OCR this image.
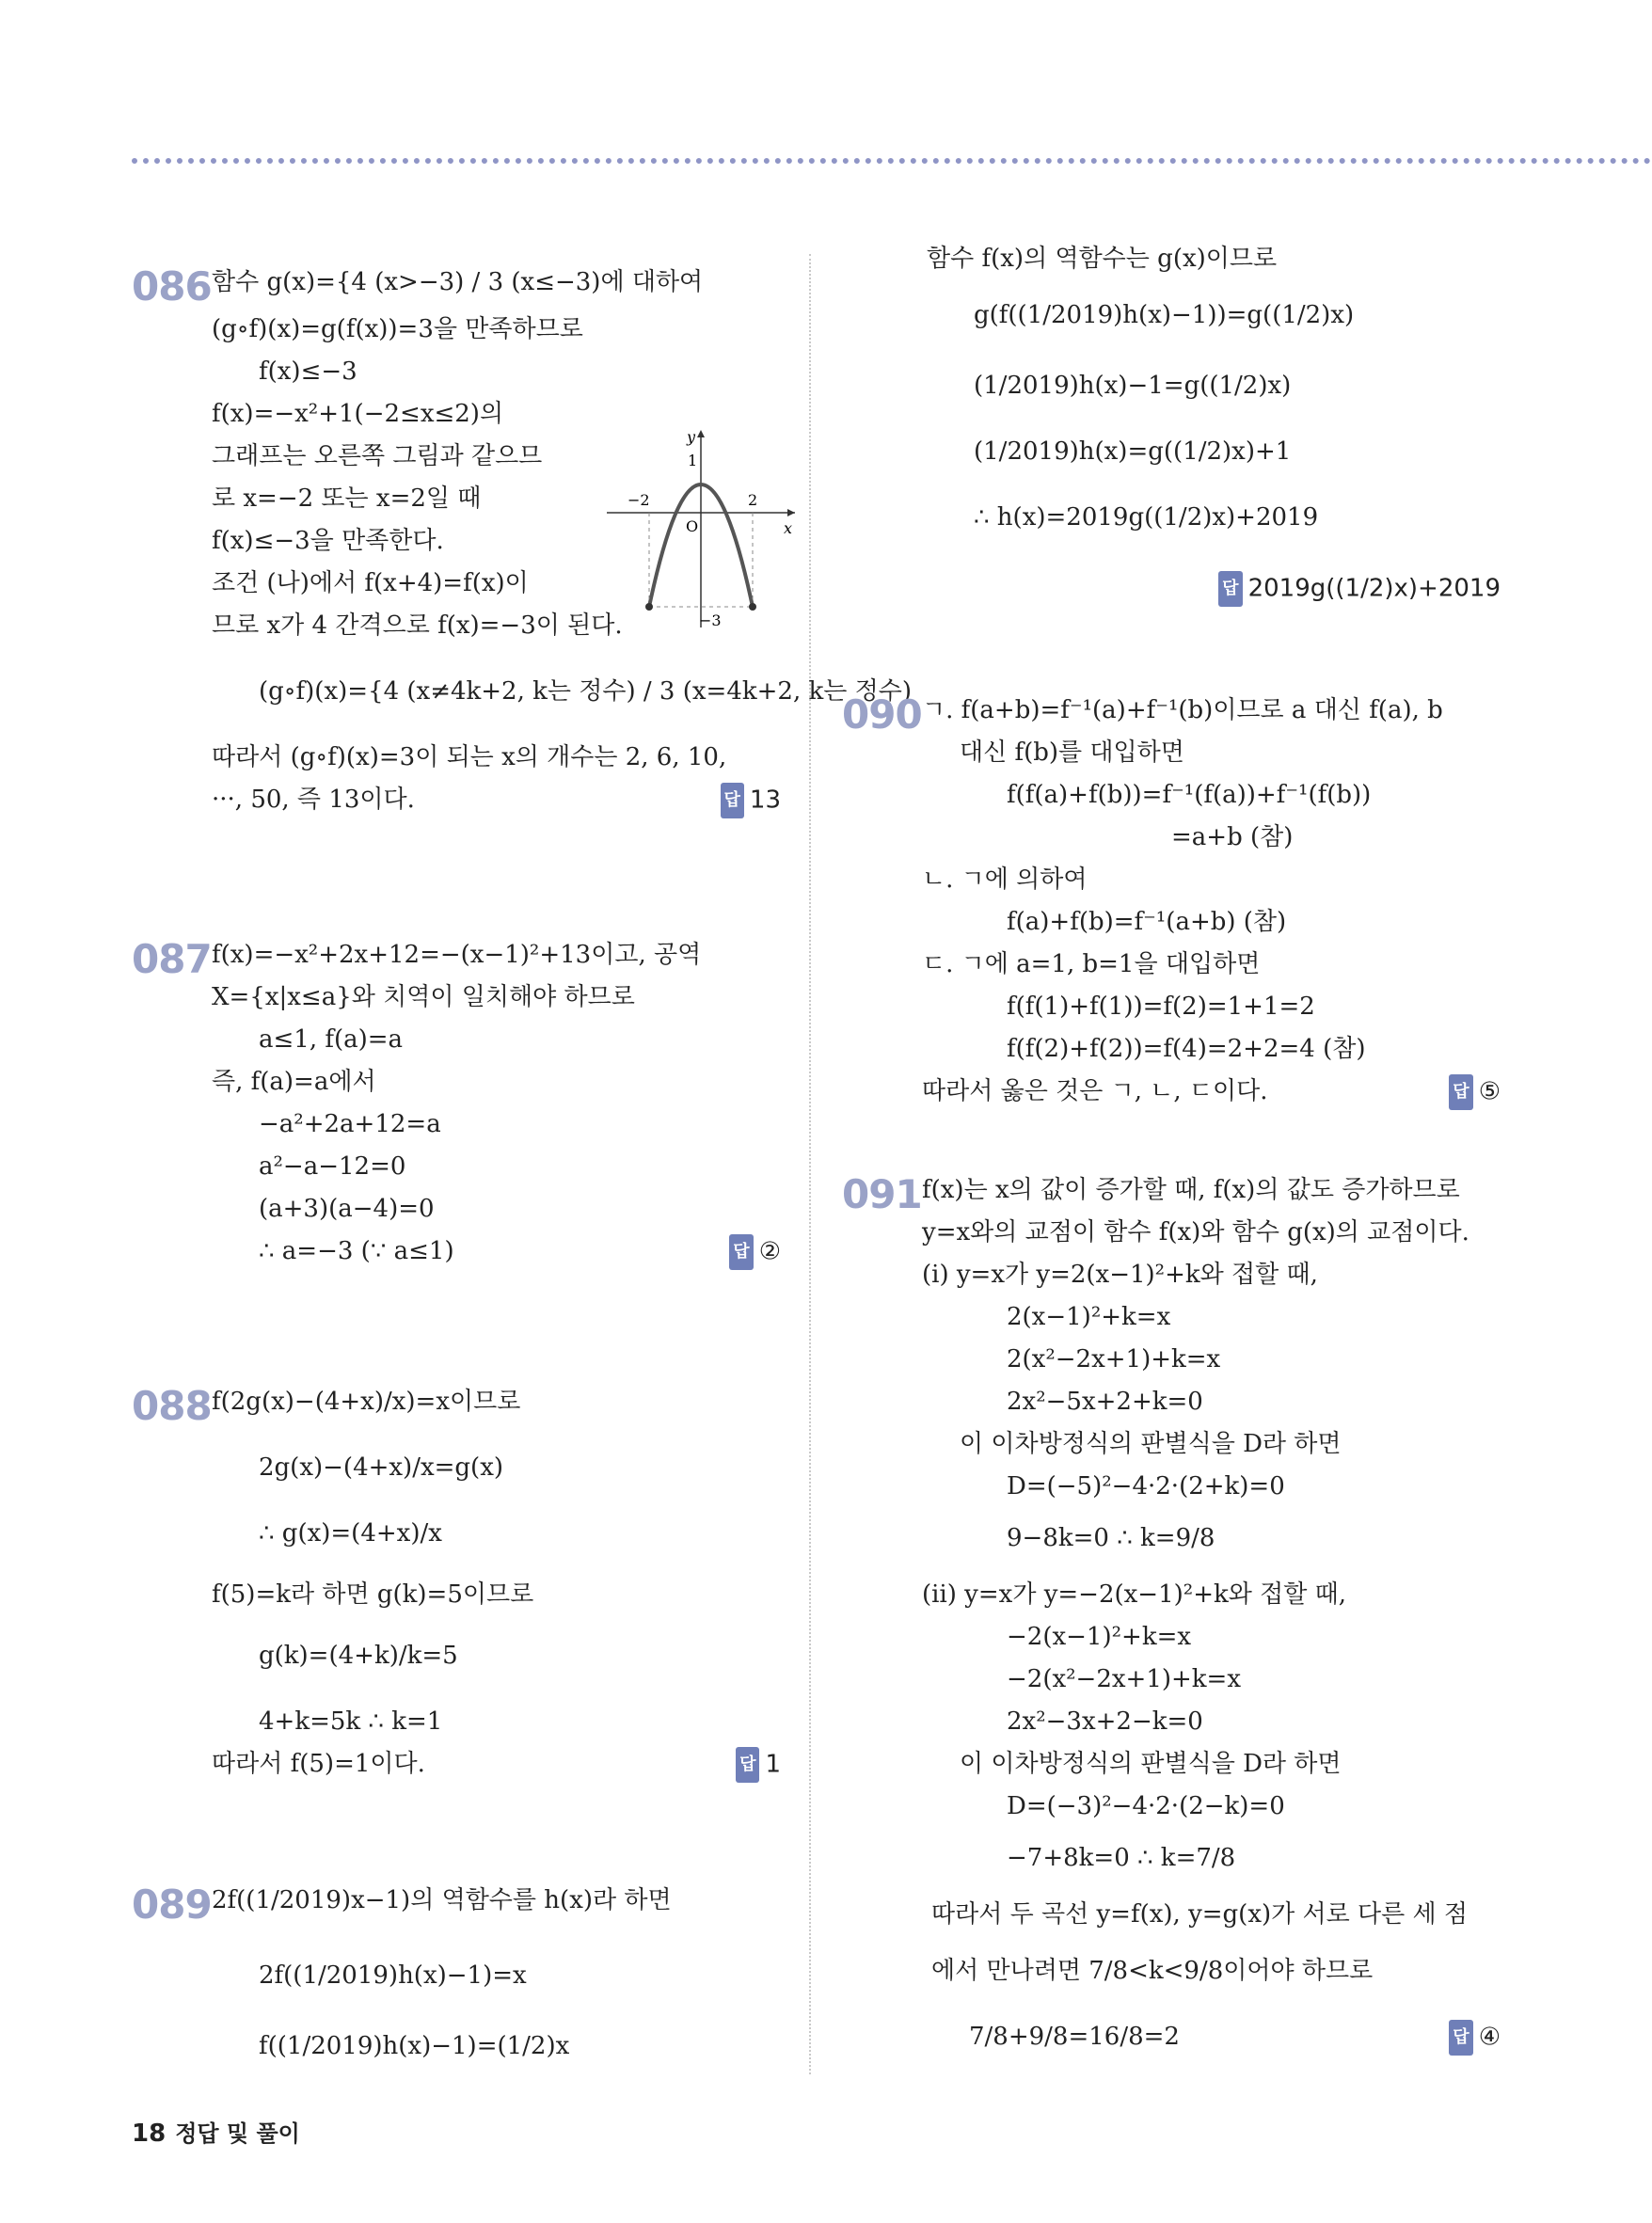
086 함수 g(x)={4 (x>−3) / 3 (x≤−3)에 대하여
(g∘f)(x)=g(f(x))=3을 만족하므로
f(x)≤−3
f(x)=−x²+1(−2≤x≤2)의
그래프는 오른쪽 그림과 같으므
로 x=−2 또는 x=2일 때
f(x)≤−3을 만족한다.
조건 (나)에서 f(x+4)=f(x)이
므로 x가 4 간격으로 f(x)=−3이 된다.
(g∘f)(x)={4 (x≠4k+2, k는 정수) / 3 (x=4k+2, k는 정수)
따라서 (g∘f)(x)=3이 되는 x의 개수는 2, 6, 10,
···, 50, 즉 13이다.	답 13
y
x
O
1
−2	2
−3
087 f(x)=−x²+2x+12=−(x−1)²+13이고, 공역
X={x|x≤a}와 치역이 일치해야 하므로
a≤1, f(a)=a
즉, f(a)=a에서
−a²+2a+12=a
a²−a−12=0
(a+3)(a−4)=0
∴ a=−3 (∵ a≤1)	답 ②
088 f(2g(x)−(4+x)/x)=x이므로
2g(x)−(4+x)/x=g(x)
∴ g(x)=(4+x)/x
f(5)=k라 하면 g(k)=5이므로
g(k)=(4+k)/k=5
4+k=5k ∴ k=1
따라서 f(5)=1이다.	답 1
089 2f((1/2019)x−1)의 역함수를 h(x)라 하면
2f((1/2019)h(x)−1)=x
f((1/2019)h(x)−1)=(1/2)x
함수 f(x)의 역함수는 g(x)이므로
g(f((1/2019)h(x)−1))=g((1/2)x)
(1/2019)h(x)−1=g((1/2)x)
(1/2019)h(x)=g((1/2)x)+1
∴ h(x)=2019g((1/2)x)+2019
답 2019g((1/2)x)+2019
090 ㄱ. f(a+b)=f⁻¹(a)+f⁻¹(b)이므로 a 대신 f(a), b
대신 f(b)를 대입하면
f(f(a)+f(b))=f⁻¹(f(a))+f⁻¹(f(b))
=a+b (참)
ㄴ. ㄱ에 의하여
f(a)+f(b)=f⁻¹(a+b) (참)
ㄷ. ㄱ에 a=1, b=1을 대입하면
f(f(1)+f(1))=f(2)=1+1=2
f(f(2)+f(2))=f(4)=2+2=4 (참)
따라서 옳은 것은 ㄱ, ㄴ, ㄷ이다.	답 ⑤
091 f(x)는 x의 값이 증가할 때, f(x)의 값도 증가하므로
y=x와의 교점이 함수 f(x)와 함수 g(x)의 교점이다.
(ⅰ) y=x가 y=2(x−1)²+k와 접할 때,
2(x−1)²+k=x
2(x²−2x+1)+k=x
2x²−5x+2+k=0
이 이차방정식의 판별식을 D라 하면
D=(−5)²−4·2·(2+k)=0
9−8k=0 ∴ k=9/8
(ⅱ) y=x가 y=−2(x−1)²+k와 접할 때,
−2(x−1)²+k=x
−2(x²−2x+1)+k=x
2x²−3x+2−k=0
이 이차방정식의 판별식을 D라 하면
D=(−3)²−4·2·(2−k)=0
−7+8k=0 ∴ k=7/8
따라서 두 곡선 y=f(x), y=g(x)가 서로 다른 세 점
에서 만나려면 7/8<k<9/8이어야 하므로
7/8+9/8=16/8=2	답 ④
18 정답 및 풀이
